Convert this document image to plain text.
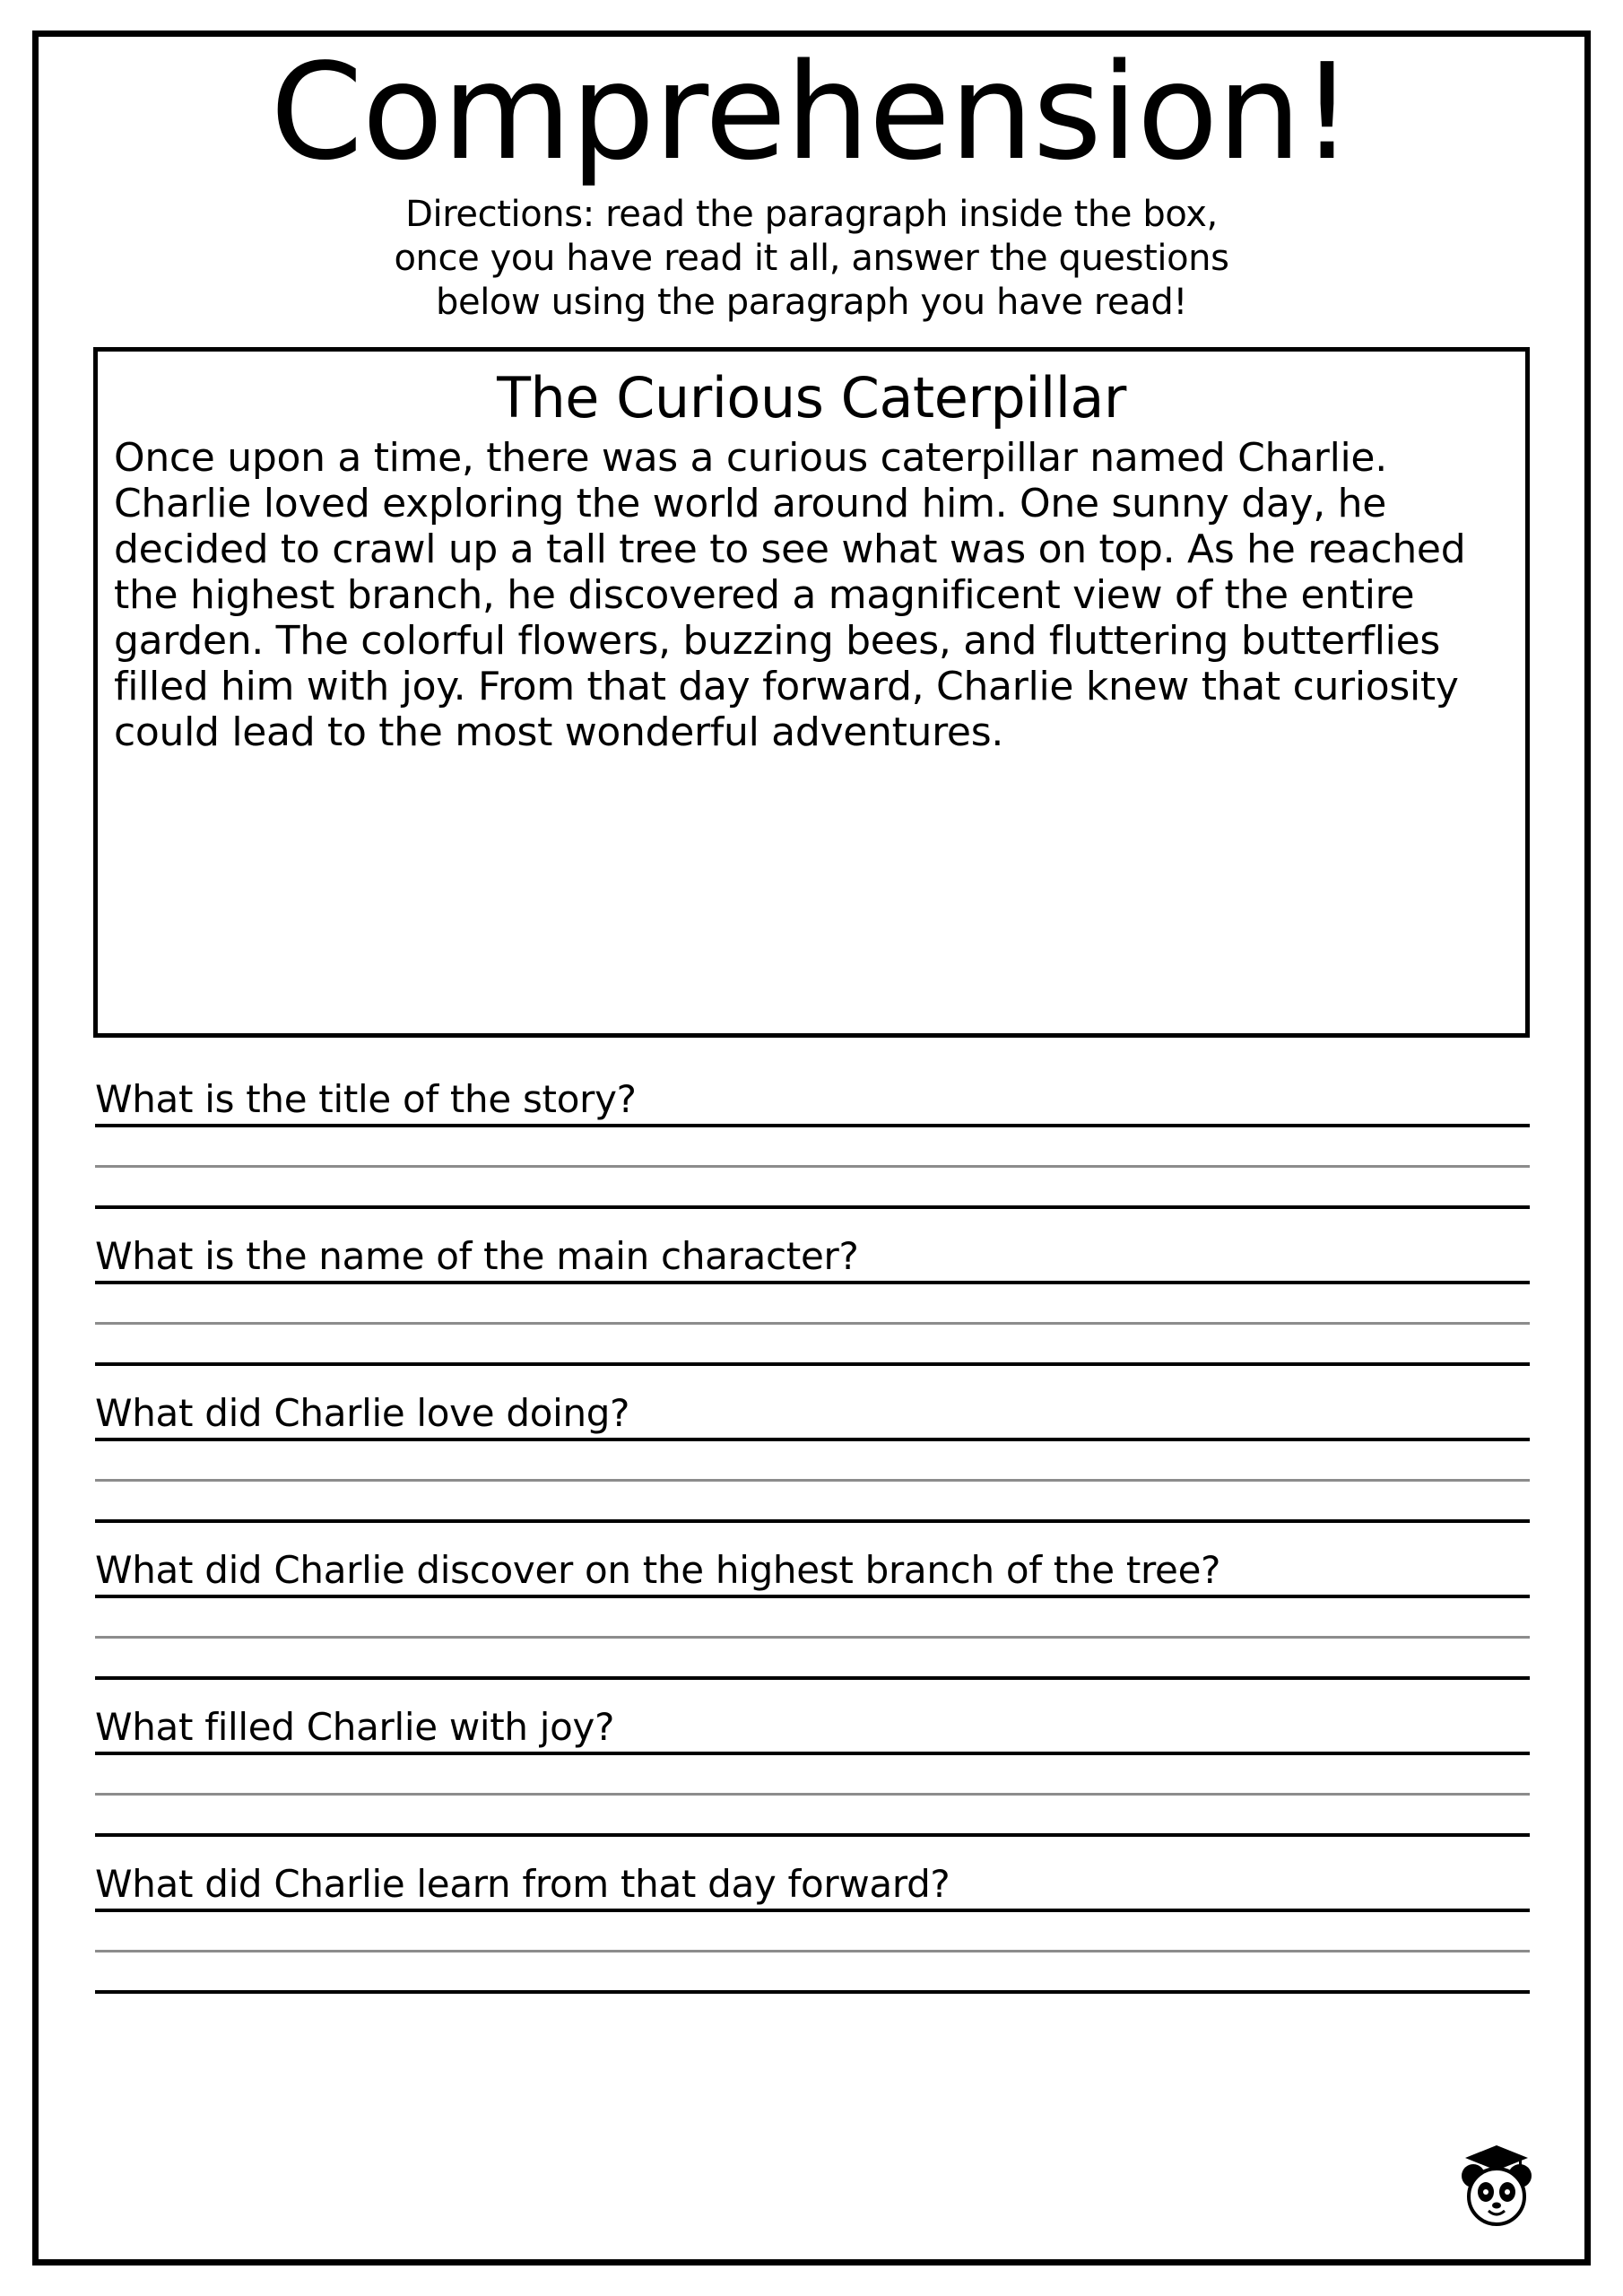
Comprehension!
Directions: read the paragraph inside the box,
once you have read it all, answer the questions
below using the paragraph you have read!
The Curious Caterpillar
Once upon a time, there was a curious caterpillar named Charlie. Charlie loved exploring the world around him. One sunny day, he decided to crawl up a tall tree to see what was on top. As he reached the highest branch, he discovered a magnificent view of the entire garden. The colorful flowers, buzzing bees, and fluttering butterflies filled him with joy. From that day forward, Charlie knew that curiosity could lead to the most wonderful adventures.
What is the title of the story?
What is the name of the main character?
What did Charlie love doing?
What did Charlie discover on the highest branch of the tree?
What filled Charlie with joy?
What did Charlie learn from that day forward?
